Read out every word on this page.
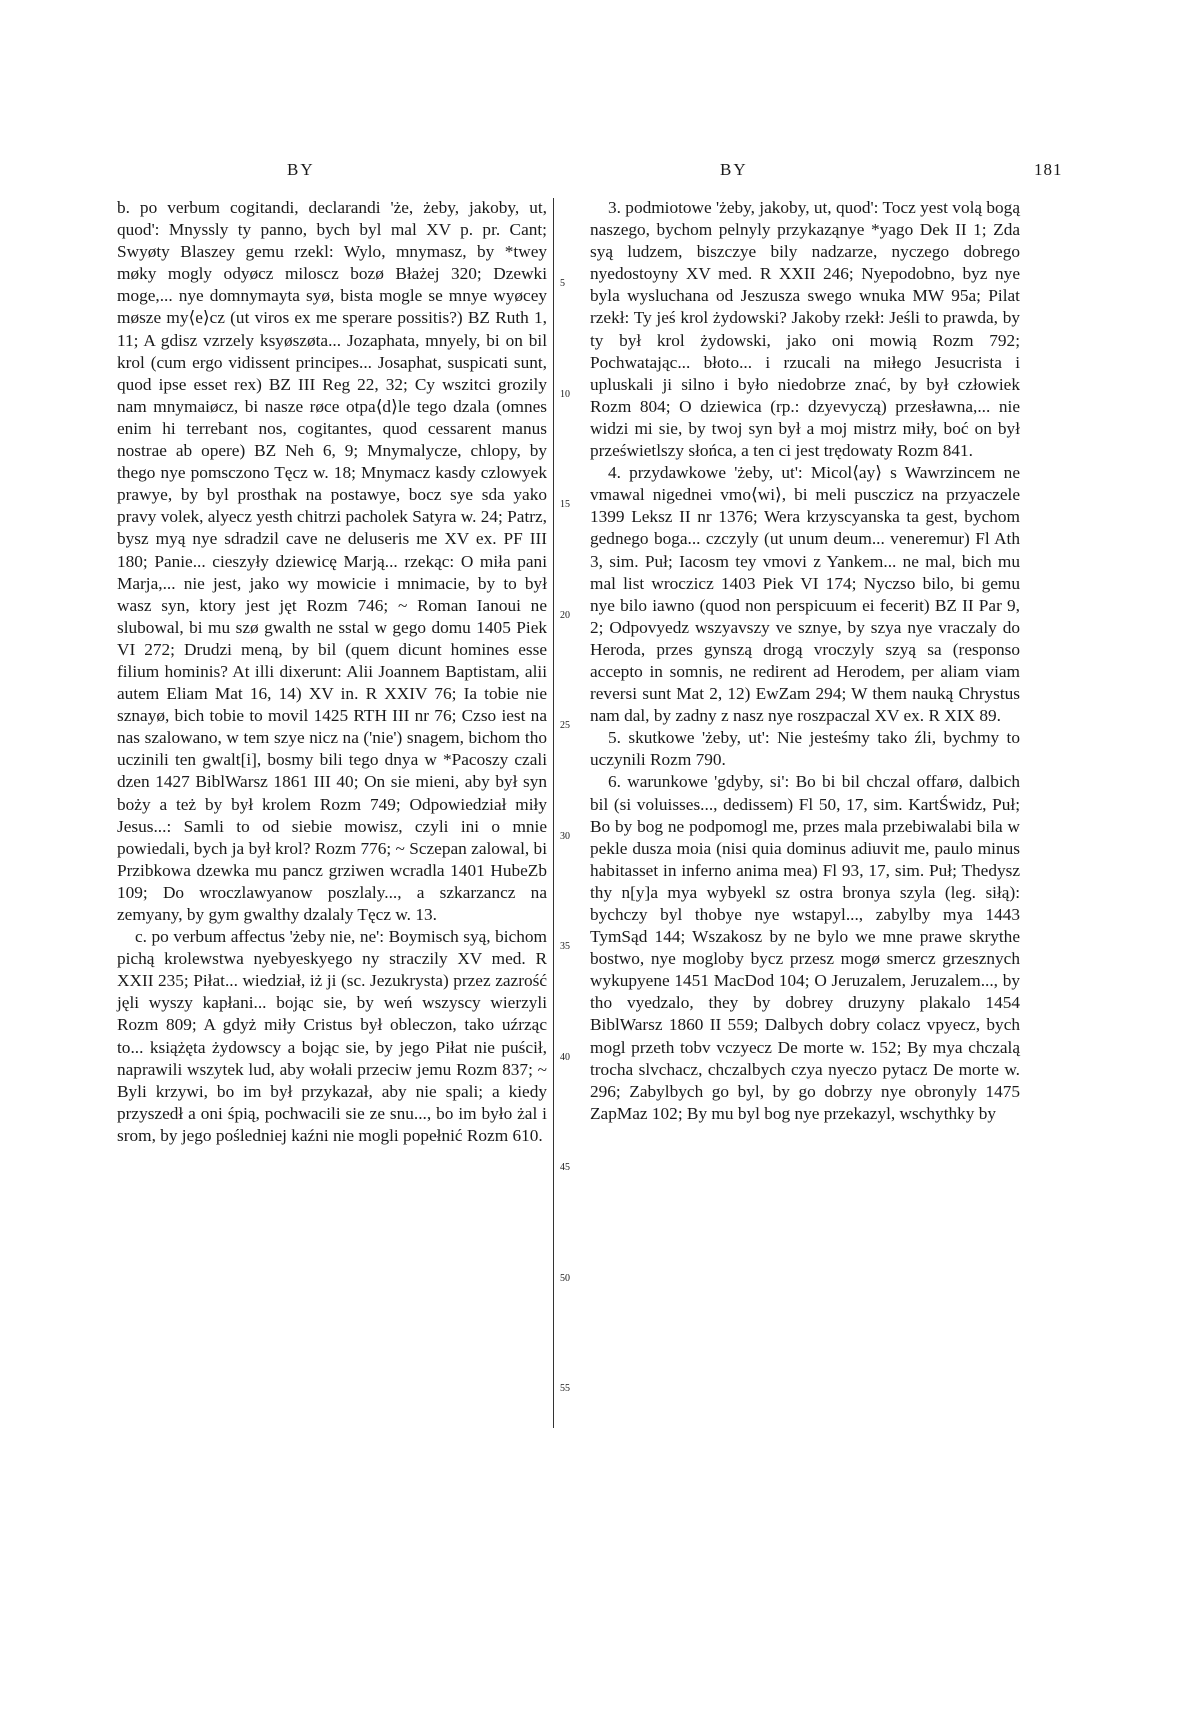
BY	BY	181

b. po verbum cogitandi, declarandi 'że, żeby, jakoby, ut, quod': Mnyssly ty panno, bych byl mal XV p. pr. Cant; Swyøty Blaszey gemu rzekl: Wylo, mnymasz, by *twey møky mogly odyøcz miloscz bozø Błażej 320; Dzewki moge,... nye domnymayta syø, bista mogle se mnye wyøcey møsze my⟨e⟩cz (ut viros ex me sperare possitis?) BZ Ruth 1, 11; A gdisz vzrzely ksyøszøta... Jozaphata, mnyely, bi on bil krol (cum ergo vidissent principes... Josaphat, suspicati sunt, quod ipse esset rex) BZ III Reg 22, 32; Cy wszitci grozily nam mnymaiøcz, bi nasze røce otpa⟨d⟩le tego dzala (omnes enim hi terrebant nos, cogitantes, quod cessarent manus nostrae ab opere) BZ Neh 6, 9; Mnymalycze, chlopy, by thego nye pomsczono Tęcz w. 18; Mnymacz kasdy czlowyek prawye, by byl prosthak na postawye, bocz sye sda yako pravy volek, alyecz yesth chitrzi pacholek Satyra w. 24; Patrz, bysz myą nye sdradzil cave ne deluseris me XV ex. PF III 180; Panie... cieszyły dziewicę Marją... rzekąc: O miła pani Marja,... nie jest, jako wy mowicie i mnimacie, by to był wasz syn, ktory jest jęt Rozm 746; ~ Roman Ianoui ne slubowal, bi mu szø gwalth ne sstal w gego domu 1405 Piek VI 272; Drudzi meną, by bil (quem dicunt homines esse filium hominis? At illi dixerunt: Alii Joannem Baptistam, alii autem Eliam Mat 16, 14) XV in. R XXIV 76; Ia tobie nie sznayø, bich tobie to movil 1425 RTH III nr 76; Czso iest na nas szalowano, w tem szye nicz na ('nie') snagem, bichom tho uczinili ten gwalt[i], bosmy bili tego dnya w *Pacoszy czali dzen 1427 BiblWarsz 1861 III 40; On sie mieni, aby był syn boży a też by był krolem Rozm 749; Odpowiedział miły Jesus...: Samli to od siebie mowisz, czyli ini o mnie powiedali, bych ja był krol? Rozm 776; ~ Sczepan zalowal, bi Przibkowa dzewka mu pancz grziwen wcradla 1401 HubeZb 109; Do wroczlawyanow poszlaly..., a szkarzancz na zemyany, by gym gwalthy dzalaly Tęcz w. 13.

c. po verbum affectus 'żeby nie, ne': Boymisch syą, bichom pichą krolewstwa nyebyeskyego ny straczily XV med. R XXII 235; Piłat... wiedział, iż ji (sc. Jezukrysta) przez zazrość jęli wyszy kapłani... bojąc sie, by weń wszyscy wierzyli Rozm 809; A gdyż miły Cristus był obleczon, tako uźrząc to... książęta żydowscy a bojąc sie, by jego Piłat nie puścił, naprawili wszytek lud, aby wołali przeciw jemu Rozm 837; ~ Byli krzywi, bo im był przykazał, aby nie spali; a kiedy przyszedł a oni śpią, pochwacili sie ze snu..., bo im było żal i srom, by jego pośledniej kaźni nie mogli popełnić Rozm 610.

5
10
15
20
25
30
35
40
45
50
55

3. podmiotowe 'żeby, jakoby, ut, quod': Tocz yest volą bogą naszego, bychom pelnyly przykaząnye *yago Dek II 1; Zda syą ludzem, biszczye bily nadzarze, nyczego dobrego nyedostoyny XV med. R XXII 246; Nyepodobno, byz nye byla wysluchana od Jeszusza swego wnuka MW 95a; Pilat rzekł: Ty jeś krol żydowski? Jakoby rzekł: Jeśli to prawda, by ty był krol żydowski, jako oni mowią Rozm 792; Pochwatając... błoto... i rzucali na miłego Jesucrista i upluskali ji silno i było niedobrze znać, by był człowiek Rozm 804; O dziewica (rp.: dzyevyczą) przesławna,... nie widzi mi sie, by twoj syn był a moj mistrz miły, boć on był prześwietlszy słońca, a ten ci jest trędowaty Rozm 841.

4. przydawkowe 'żeby, ut': Micol⟨ay⟩ s Wawrzincem ne vmawal nigednei vmo⟨wi⟩, bi meli pusczicz na przyaczele 1399 Leksz II nr 1376; Wera krzyscyanska ta gest, bychom gednego boga... czczyly (ut unum deum... veneremur) Fl Ath 3, sim. Puł; Iacosm tey vmovi z Yankem... ne mal, bich mu mal list wroczicz 1403 Piek VI 174; Nyczso bilo, bi gemu nye bilo iawno (quod non perspicuum ei fecerit) BZ II Par 9, 2; Odpovyedz wszyavszy ve sznye, by szya nye vraczaly do Heroda, przes gynszą drogą vroczyly szyą sa (responso accepto in somnis, ne redirent ad Herodem, per aliam viam reversi sunt Mat 2, 12) EwZam 294; W them nauką Chrystus nam dal, by zadny z nasz nye roszpaczal XV ex. R XIX 89.

5. skutkowe 'żeby, ut': Nie jesteśmy tako źli, bychmy to uczynili Rozm 790.

6. warunkowe 'gdyby, si': Bo bi bil chczal offarø, dalbich bil (si voluisses..., dedissem) Fl 50, 17, sim. KartŚwidz, Puł; Bo by bog ne podpomogl me, przes mala przebiwalabi bila w pekle dusza moia (nisi quia dominus adiuvit me, paulo minus habitasset in inferno anima mea) Fl 93, 17, sim. Puł; Thedysz thy n[y]a mya wybyekl sz ostra bronya szyla (leg. siłą): bychczy byl thobye nye wstapyl..., zabylby mya 1443 TymSąd 144; Wszakosz by ne bylo we mne prawe skrythe bostwo, nye mogloby bycz przesz mogø smercz grzesznych wykupyene 1451 MacDod 104; O Jeruzalem, Jeruzalem..., by tho vyedzalo, they by dobrey druzyny plakalo 1454 BiblWarsz 1860 II 559; Dalbych dobry colacz vpyecz, bych mogl przeth tobv vczyecz De morte w. 152; By mya chczalą trocha slvchacz, chczalbych czya nyeczo pytacz De morte w. 296; Zabylbych go byl, by go dobrzy nye obronyly 1475 ZapMaz 102; By mu byl bog nye przekazyl, wschythky by
